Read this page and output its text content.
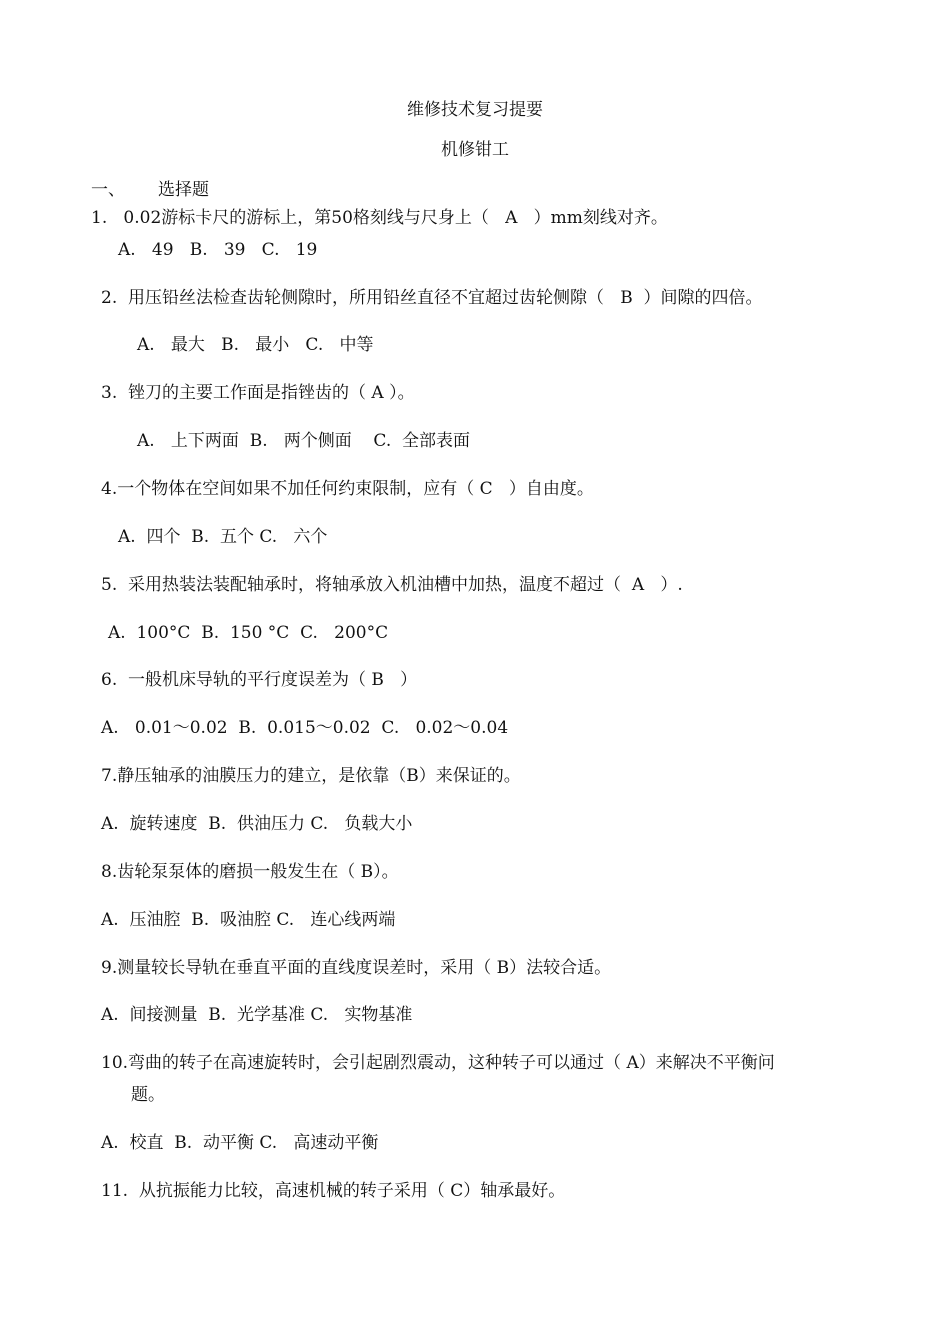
维修技术复习提要
机修钳工
一、 选择题
1.   0.02游标卡尺的游标上，第50格刻线与尺身上（   A   ）mm刻线对齐。
A.   49   B.   39   C.   19
2.  用压铅丝法检查齿轮侧隙时，所用铅丝直径不宜超过齿轮侧隙（   B  ）间隙的四倍。
A.   最大   B.   最小   C.   中等
3.  锉刀的主要工作面是指锉齿的（ A ）。
A.   上下两面  B.   两个侧面    C.  全部表面
4.一个物体在空间如果不加任何约束限制，应有（ C   ）自由度。
A.  四个  B.  五个 C.   六个
5.  采用热装法装配轴承时，将轴承放入机油槽中加热，温度不超过（  A   ）.
A.  100°C  B.  150 °C  C.   200°C
6.  一般机床导轨的平行度误差为（ B   ）
A.   0.01～0.02  B.  0.015～0.02  C.   0.02～0.04
7.静压轴承的油膜压力的建立，是依靠（B）来保证的。
A.  旋转速度  B.  供油压力 C.   负载大小
8.齿轮泵泵体的磨损一般发生在（ B）。
A.  压油腔  B.  吸油腔 C.   连心线两端
9.测量较长导轨在垂直平面的直线度误差时，采用（ B）法较合适。
A.  间接测量  B.  光学基准 C.   实物基准
10.弯曲的转子在高速旋转时，会引起剧烈震动，这种转子可以通过（ A）来解决不平衡问
题。
A.  校直  B.  动平衡 C.   高速动平衡
11.  从抗振能力比较，高速机械的转子采用（ C）轴承最好。
